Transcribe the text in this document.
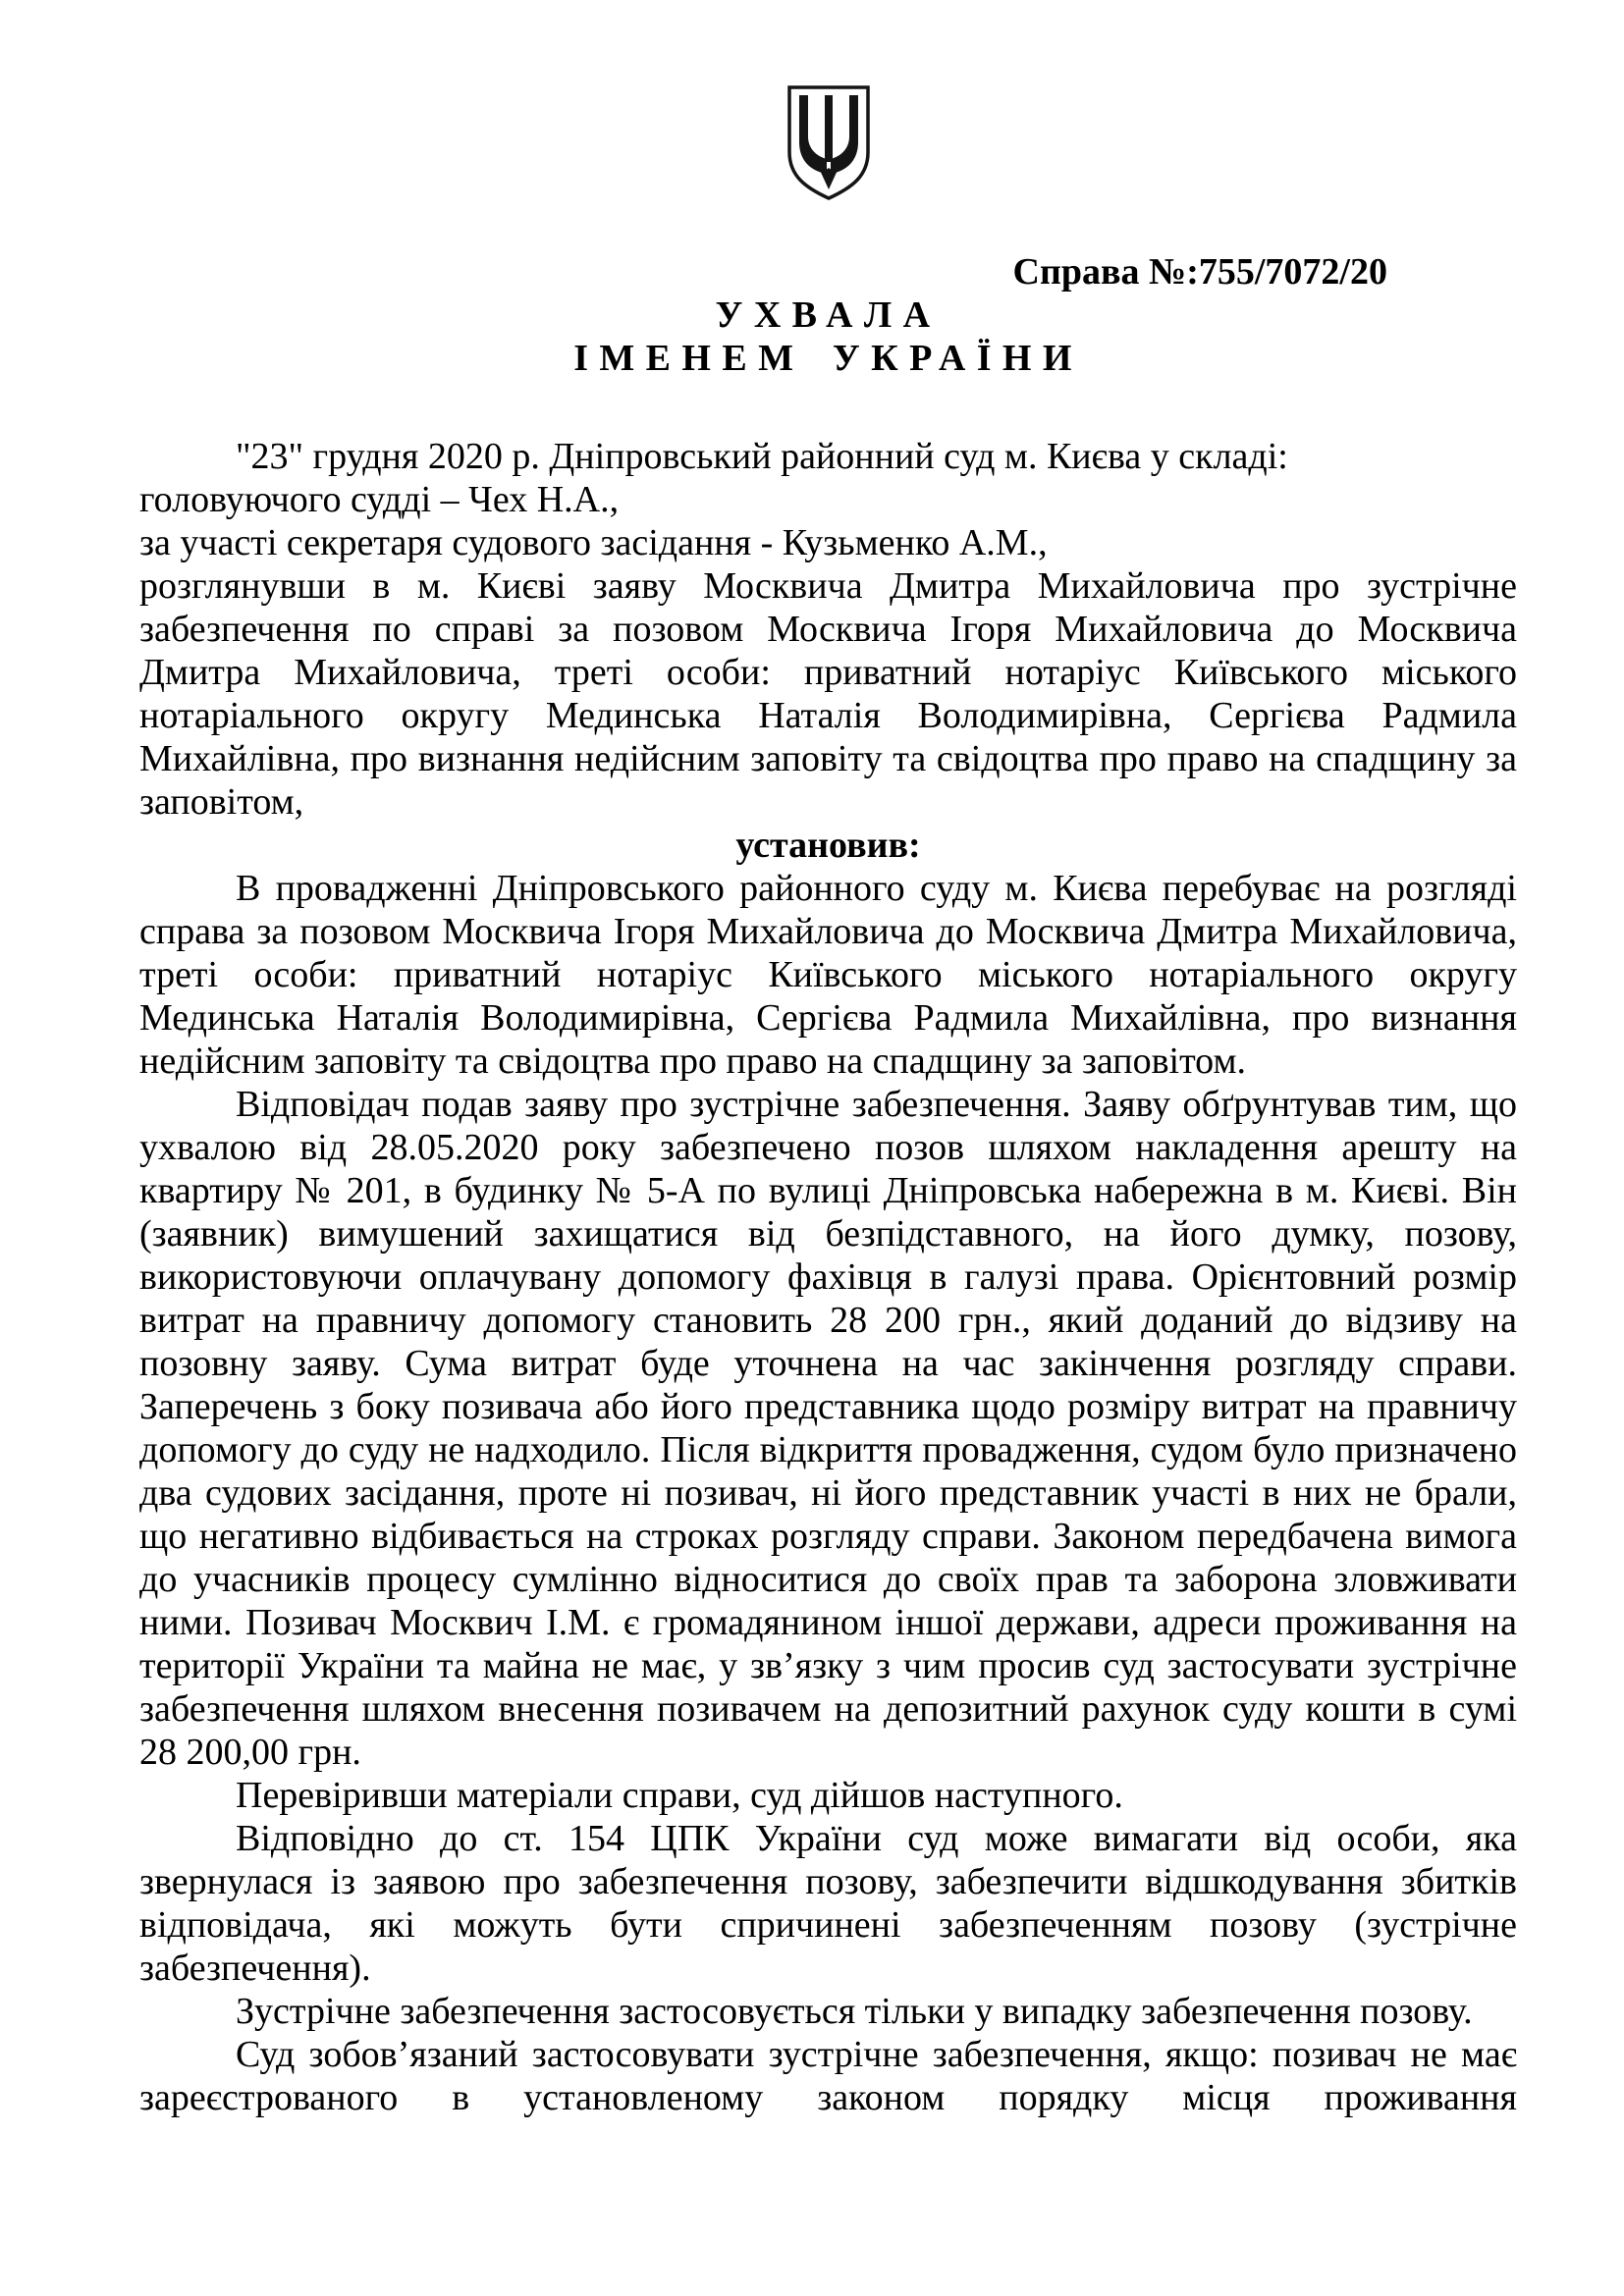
Справа №:755/7072/20
УХВАЛА
ІМЕНЕМ УКРАЇНИ

"23" грудня 2020 р. Дніпровський районний суд м. Києва у складі:

головуючого судді – Чех Н.А.,

за участі секретаря судового засідання - Кузьменко А.М.,

розглянувши в м. Києві заяву Москвича Дмитра Михайловича про зустрічне забезпечення по справі за позовом Москвича Ігоря Михайловича до Москвича Дмитра Михайловича, треті особи: приватний нотаріус Київського міського нотаріального округу Мединська Наталія Володимирівна, Сергієва Радмила Михайлівна, про визнання недійсним заповіту та свідоцтва про право на спадщину за заповітом,

установив:

В провадженні Дніпровського районного суду м. Києва перебуває на розгляді справа за позовом Москвича Ігоря Михайловича до Москвича Дмитра Михайловича, треті особи: приватний нотаріус Київського міського нотаріального округу Мединська Наталія Володимирівна, Сергієва Радмила Михайлівна, про визнання недійсним заповіту та свідоцтва про право на спадщину за заповітом.

Відповідач подав заяву про зустрічне забезпечення. Заяву обґрунтував тим, що ухвалою від 28.05.2020 року забезпечено позов шляхом накладення арешту на квартиру № 201, в будинку № 5-А по вулиці Дніпровська набережна в м. Києві. Він (заявник) вимушений захищатися від безпідставного, на його думку, позову, використовуючи оплачувану допомогу фахівця в галузі права. Орієнтовний розмір витрат на правничу допомогу становить 28 200 грн., який доданий до відзиву на позовну заяву. Сума витрат буде уточнена на час закінчення розгляду справи. Заперечень з боку позивача або його представника щодо розміру витрат на правничу допомогу до суду не надходило. Після відкриття провадження, судом було призначено два судових засідання, проте ні позивач, ні його представник участі в них не брали, що негативно відбивається на строках розгляду справи. Законом передбачена вимога до учасників процесу сумлінно відноситися до своїх прав та заборона зловживати ними. Позивач Москвич І.М. є громадянином іншої держави, адреси проживання на території України та майна не має, у зв’язку з чим просив суд застосувати зустрічне забезпечення шляхом внесення позивачем на депозитний рахунок суду кошти в сумі 28 200,00 грн.

Перевіривши матеріали справи, суд дійшов наступного.

Відповідно до ст. 154 ЦПК України суд може вимагати від особи, яка звернулася із заявою про забезпечення позову, забезпечити відшкодування збитків відповідача, які можуть бути спричинені забезпеченням позову (зустрічне забезпечення).

Зустрічне забезпечення застосовується тільки у випадку забезпечення позову.

Суд зобов’язаний застосовувати зустрічне забезпечення, якщо: позивач не має зареєстрованого в установленому законом порядку місця проживання
